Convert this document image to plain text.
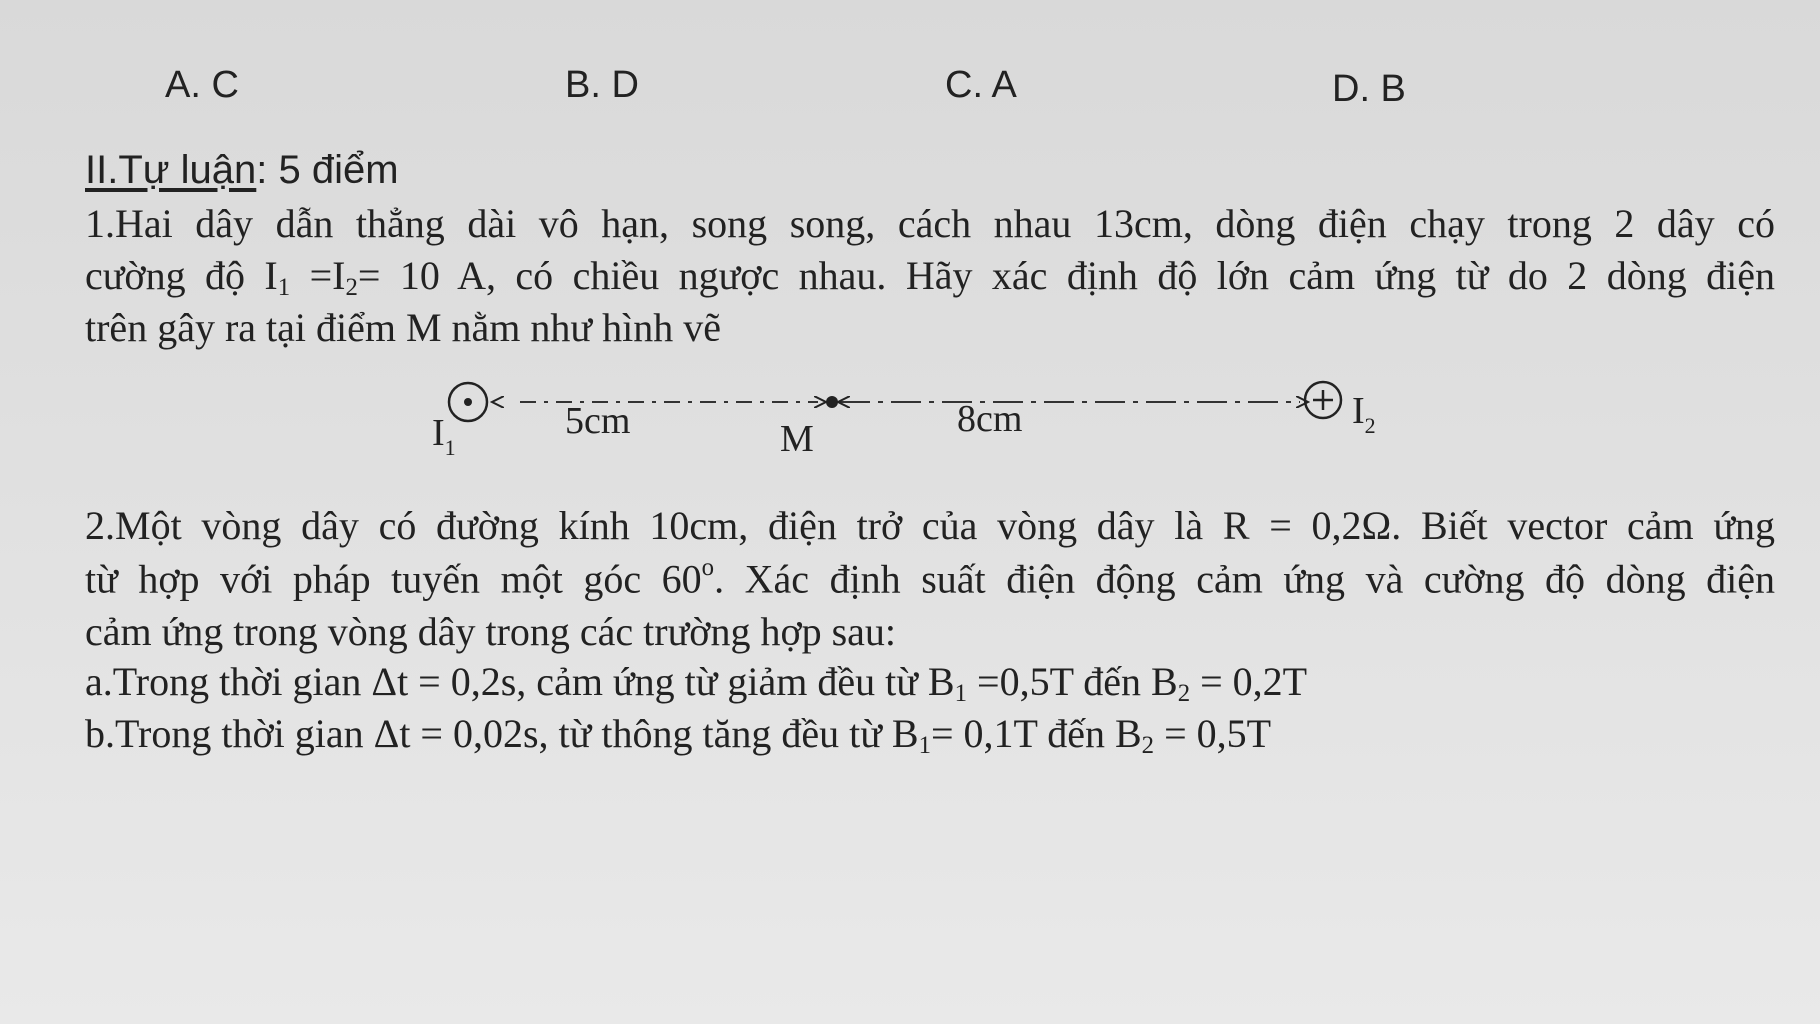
A. C	B. D	C. A	D. B
II.Tự luận: 5 điểm
1.Hai dây dẫn thẳng dài vô hạn, song song, cách nhau 13cm, dòng điện chạy trong 2 dây có
cường độ $I_1 =I_2= 10$ A, có chiều ngược nhau. Hãy xác định độ lớn cảm ứng từ do 2 dòng điện
trên gây ra tại điểm M nằm như hình vẽ
$I_1$
5cm	M	8cm	$I_2$
2.Một vòng dây có đường kính 10cm, điện trở của vòng dây là R = 0,2Ω. Biết vector cảm ứng
từ hợp với pháp tuyến một góc 60$^o$. Xác định suất điện động cảm ứng và cường độ dòng điện
cảm ứng trong vòng dây trong các trường hợp sau:
a.Trong thời gian Δt = 0,2s, cảm ứng từ giảm đều từ $B_1 =0,5T$ đến $B_2 = 0,2T$
b.Trong thời gian Δt = 0,02s, từ thông tăng đều từ $B_1= 0,1T$ đến $B_2 = 0,5T$
